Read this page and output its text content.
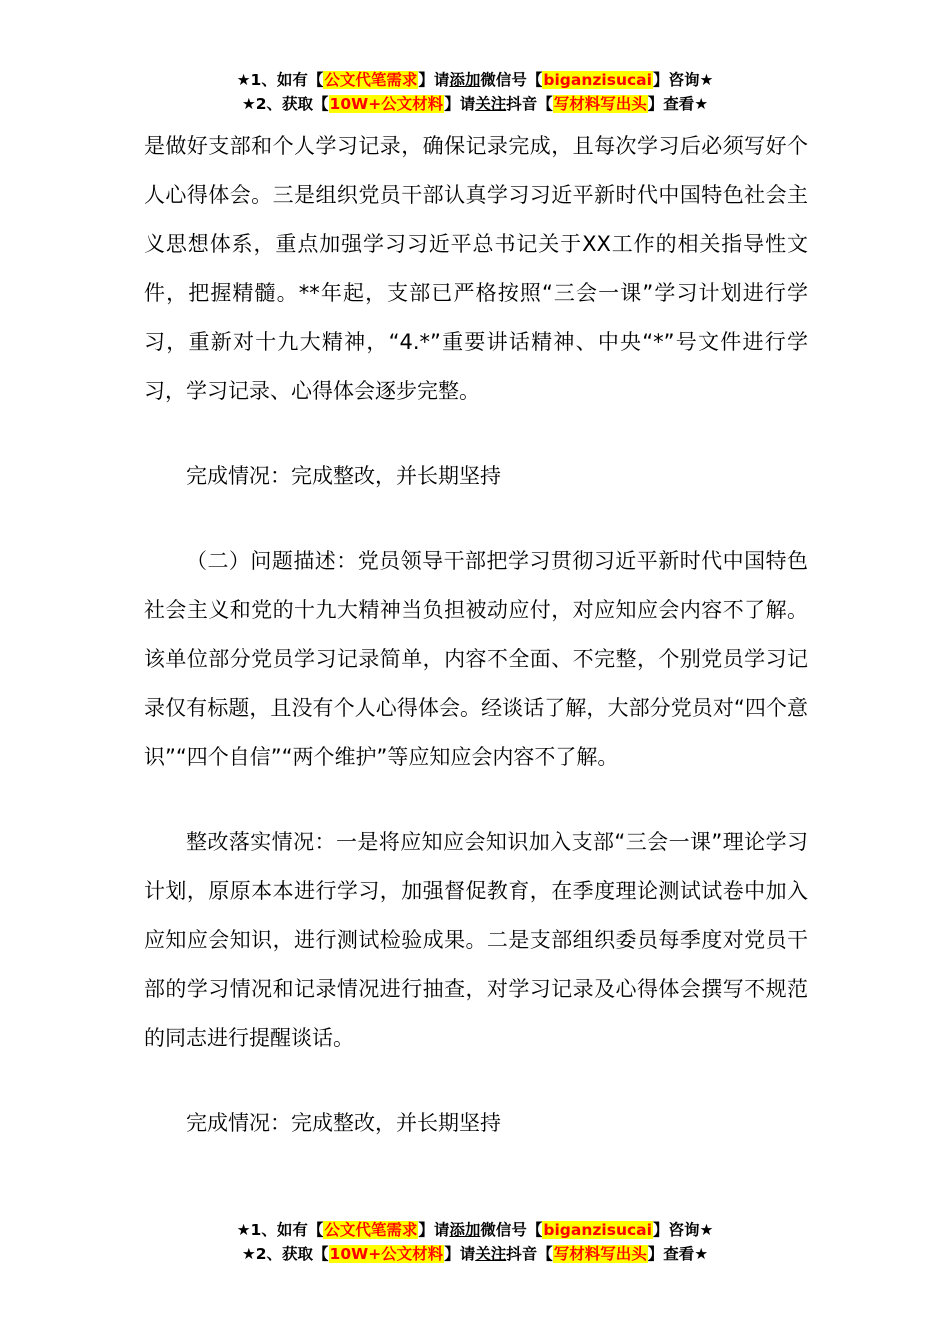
★1、如有【公文代笔需求】请添加微信号【biganzisucai】咨询★
★2、获取【10W+公文材料】请关注抖音【写材料写出头】查看★

是做好支部和个人学习记录，确保记录完成，且每次学习后必须写好个人心得体会。三是组织党员干部认真学习习近平新时代中国特色社会主义思想体系，重点加强学习习近平总书记关于XX工作的相关指导性文件，把握精髓。**年起，支部已严格按照“三会一课”学习计划进行学习，重新对十九大精神，“4.*”重要讲话精神、中央“*”号文件进行学习，学习记录、心得体会逐步完整。

完成情况：完成整改，并长期坚持

（二）问题描述：党员领导干部把学习贯彻习近平新时代中国特色社会主义和党的十九大精神当负担被动应付，对应知应会内容不了解。该单位部分党员学习记录简单，内容不全面、不完整，个别党员学习记录仅有标题，且没有个人心得体会。经谈话了解，大部分党员对“四个意识”“四个自信”“两个维护”等应知应会内容不了解。

整改落实情况：一是将应知应会知识加入支部“三会一课”理论学习计划，原原本本进行学习，加强督促教育，在季度理论测试试卷中加入应知应会知识，进行测试检验成果。二是支部组织委员每季度对党员干部的学习情况和记录情况进行抽查，对学习记录及心得体会撰写不规范的同志进行提醒谈话。

完成情况：完成整改，并长期坚持

★1、如有【公文代笔需求】请添加微信号【biganzisucai】咨询★
★2、获取【10W+公文材料】请关注抖音【写材料写出头】查看★
